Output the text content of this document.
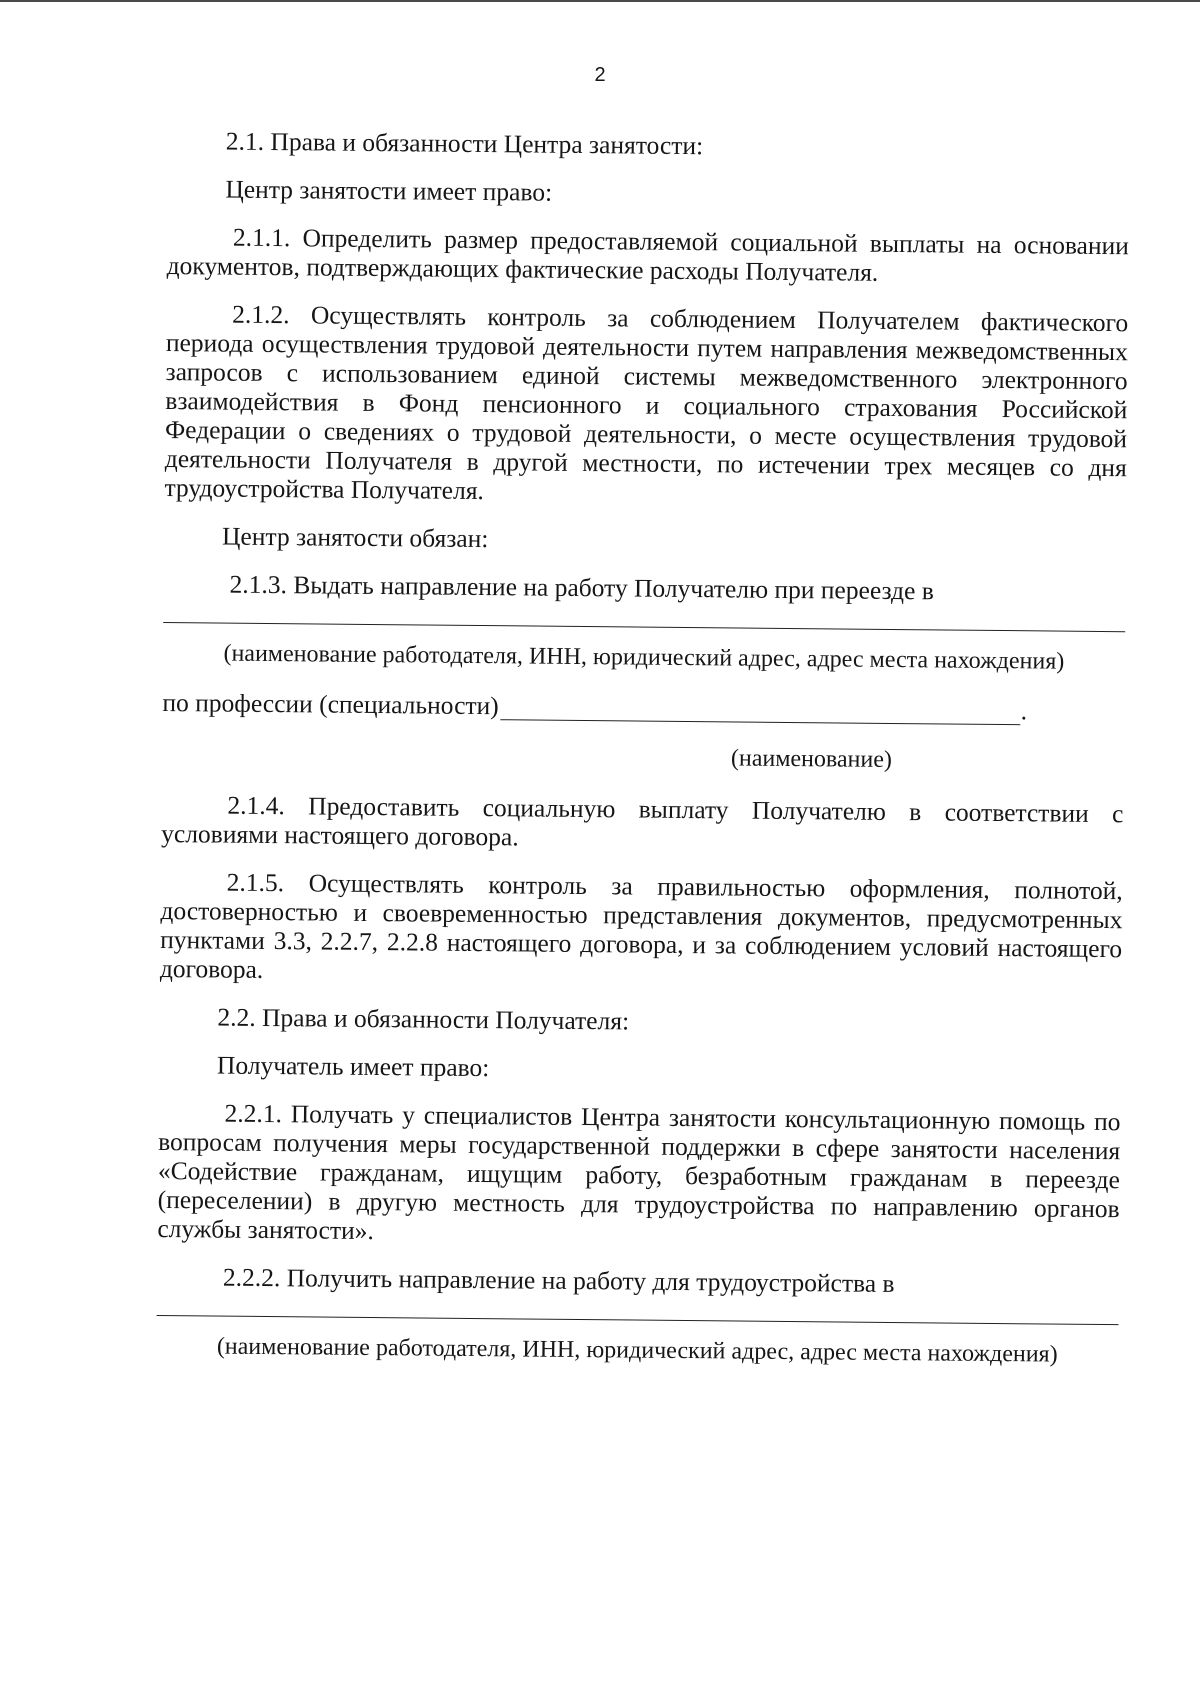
2

2.1. Права и обязанности Центра занятости:

Центр занятости имеет право:

2.1.1. Определить размер предоставляемой социальной выплаты на основании документов, подтверждающих фактические расходы Получателя.

2.1.2. Осуществлять контроль за соблюдением Получателем фактического периода осуществления трудовой деятельности путем направления межведомственных запросов с использованием единой системы межведомственного электронного взаимодействия в Фонд пенсионного и социального страхования Российской Федерации о сведениях о трудовой деятельности, о месте осуществления трудовой деятельности Получателя в другой местности, по истечении трех месяцев со дня трудоустройства Получателя.

Центр занятости обязан:

2.1.3. Выдать направление на работу Получателю при переезде в

(наименование работодателя, ИНН, юридический адрес, адрес места нахождения)
по профессии (специальности)	.
(наименование)

2.1.4. Предоставить социальную выплату Получателю в соответствии с условиями настоящего договора.

2.1.5. Осуществлять контроль за правильностью оформления, полнотой, достоверностью и своевременностью представления документов, предусмотренных пунктами 3.3, 2.2.7, 2.2.8 настоящего договора, и за соблюдением условий настоящего договора.

2.2. Права и обязанности Получателя:

Получатель имеет право:

2.2.1. Получать у специалистов Центра занятости консультационную помощь по вопросам получения меры государственной поддержки в сфере занятости населения «Содействие гражданам, ищущим работу, безработным гражданам в переезде (переселении) в другую местность для трудоустройства по направлению органов службы занятости».

2.2.2. Получить направление на работу для трудоустройства в

(наименование работодателя, ИНН, юридический адрес, адрес места нахождения)
